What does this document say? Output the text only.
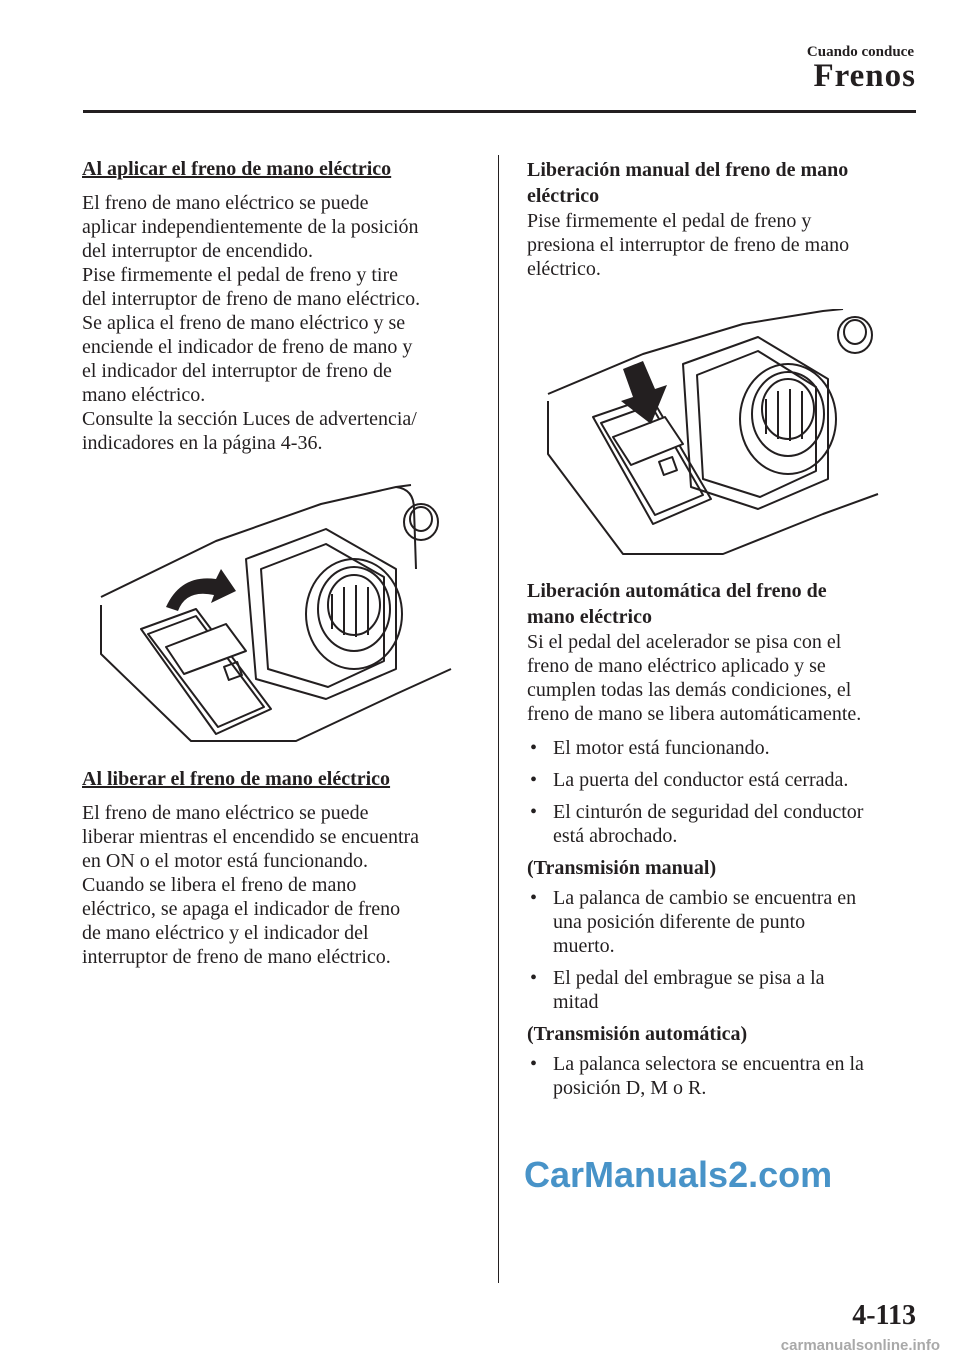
Cuando conduce
Frenos

Al aplicar el freno de mano eléctrico

El freno de mano eléctrico se puede
aplicar independientemente de la posición
del interruptor de encendido.
Pise firmemente el pedal de freno y tire
del interruptor de freno de mano eléctrico.
Se aplica el freno de mano eléctrico y se
enciende el indicador de freno de mano y
el indicador del interruptor de freno de
mano eléctrico.
Consulte la sección Luces de advertencia/
indicadores en la página 4-36.

Al liberar el freno de mano eléctrico

El freno de mano eléctrico se puede
liberar mientras el encendido se encuentra
en ON o el motor está funcionando.
Cuando se libera el freno de mano
eléctrico, se apaga el indicador de freno
de mano eléctrico y el indicador del
interruptor de freno de mano eléctrico.

Liberación manual del freno de mano
eléctrico

Pise firmemente el pedal de freno y
presiona el interruptor de freno de mano
eléctrico.

Liberación automática del freno de
mano eléctrico

Si el pedal del acelerador se pisa con el
freno de mano eléctrico aplicado y se
cumplen todas las demás condiciones, el
freno de mano se libera automáticamente.

• El motor está funcionando.
• La puerta del conductor está cerrada.
• El cinturón de seguridad del conductor
está abrochado.

(Transmisión manual)

• La palanca de cambio se encuentra en
una posición diferente de punto
muerto.
• El pedal del embrague se pisa a la
mitad

(Transmisión automática)

• La palanca selectora se encuentra en la
posición D, M o R.
CarManuals2.com
4-113
carmanualsonline.info
